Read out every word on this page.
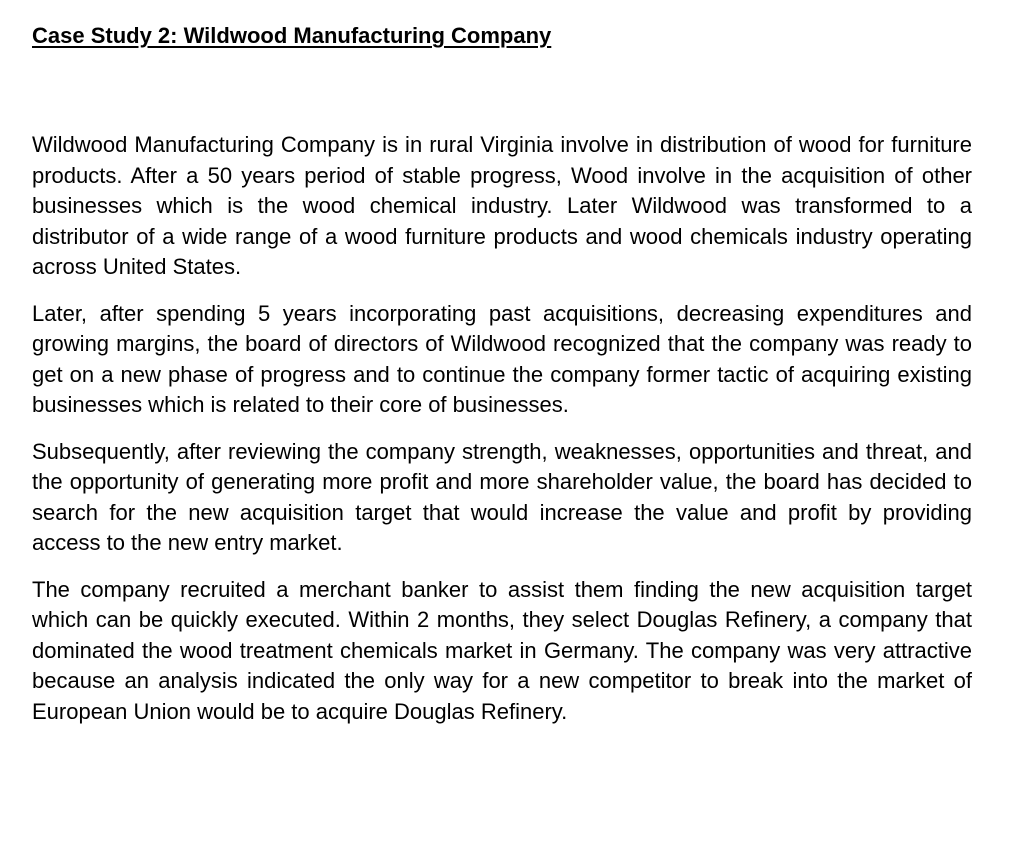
Case Study 2: Wildwood Manufacturing Company

Wildwood Manufacturing Company is in rural Virginia involve in distribution of wood for furniture products. After a 50 years period of stable progress, Wood involve in the acquisition of other businesses which is the wood chemical industry. Later Wildwood was transformed to a distributor of a wide range of a wood furniture products and wood chemicals industry operating across United States.

Later, after spending 5 years incorporating past acquisitions, decreasing expenditures and growing margins, the board of directors of Wildwood recognized that the company was ready to get on a new phase of progress and to continue the company former tactic of acquiring existing businesses which is related to their core of businesses.

Subsequently, after reviewing the company strength, weaknesses, opportunities and threat, and the opportunity of generating more profit and more shareholder value, the board has decided to search for the new acquisition target that would increase the value and profit by providing access to the new entry market.

The company recruited a merchant banker to assist them finding the new acquisition target which can be quickly executed. Within 2 months, they select Douglas Refinery, a company that dominated the wood treatment chemicals market in Germany. The company was very attractive because an analysis indicated the only way for a new competitor to break into the market of European Union would be to acquire Douglas Refinery.
